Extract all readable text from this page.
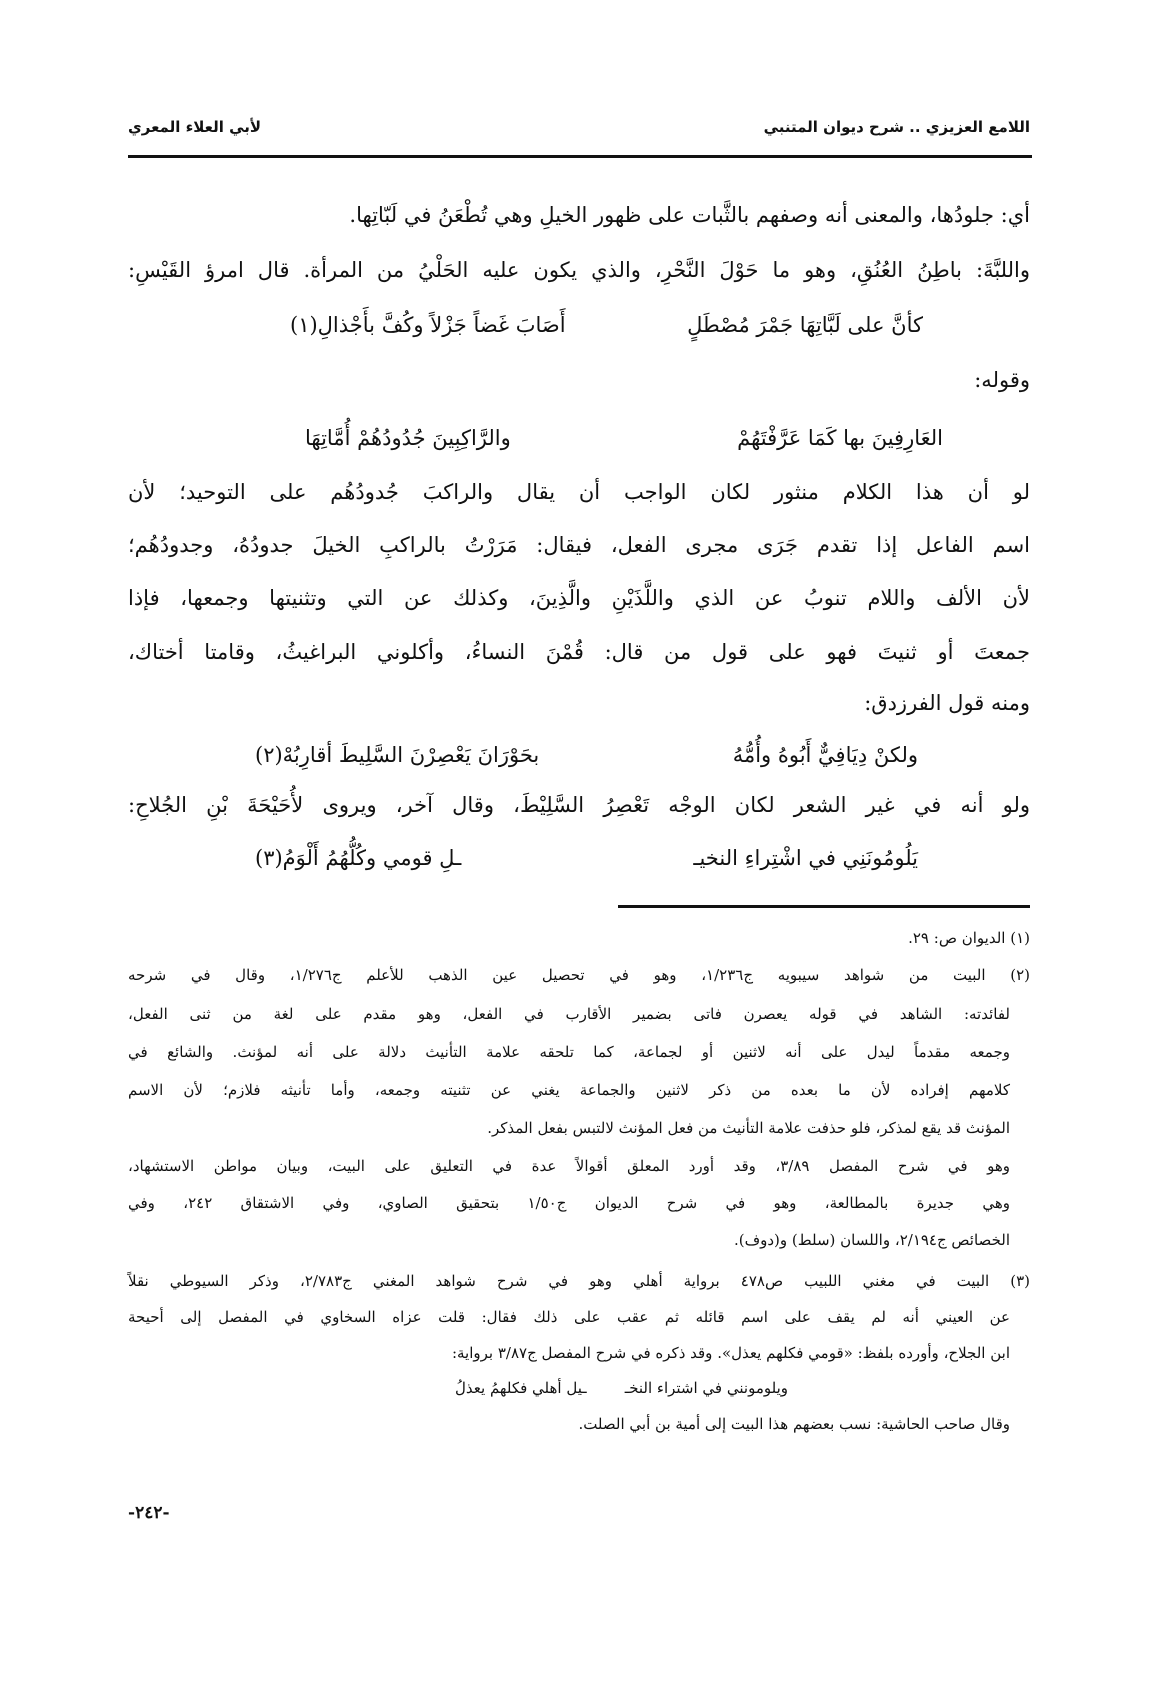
اللامع العزيزي .. شرح ديوان المتنبي
لأبي العلاء المعري
أي: جلودُها، والمعنى أنه وصفهم بالثَّبات على ظهور الخيلِ وهي تُطْعَنُ في لَبّاتِها.
واللبَّةَ: باطِنُ العُنُقِ، وهو ما حَوْلَ النَّحْرِ، والذي يكون عليه الحَلْيُ من المرأة. قال امرؤ القَيْسِ:
كأنَّ على لَبَّاتِهَا جَمْرَ مُصْطَلٍ
أَصَابَ غَضاً جَزْلاً وكُفَّ بأَجْذالِ(١)
وقوله:
العَارِفِينَ بها كَمَا عَرَّفْتَهُمْ
والرَّاكِبِينَ جُدُودُهُمْ أُمَّاتِهَا
لو أن هذا الكلام منثور لكان الواجب أن يقال والراكبَ جُدودُهُم على التوحيد؛ لأن
اسم الفاعل إذا تقدم جَرَى مجرى الفعل، فيقال: مَرَرْتُ بالراكبِ الخيلَ جدودُهُ، وجدودُهُم؛
لأن الألف واللام تنوبُ عن الذي واللَّذَيْنِ والَّذِينَ، وكذلك عن التي وتثنيتها وجمعها، فإذا
جمعتَ أو ثنيتَ فهو على قول من قال: قُمْنَ النساءُ، وأكلوني البراغيثُ، وقامتا أختاك،
ومنه قول الفرزدق:
ولكنْ دِيَافِيٌّ أَبُوهُ وأُمُّهُ
بحَوْرَانَ يَعْصِرْنَ السَّلِيطَ أقارِبُهْ(٢)
ولو أنه في غير الشعر لكان الوجْه تَعْصِرُ السَّلِيْطَ، وقال آخر، ويروى لأُحَيْحَةَ بْنِ الجُلاحِ:
يَلُومُونَنِي في اشْتِراءِ النخيـ
ـلِ قومي وكُلُّهُمُ أَلْوَمُ(٣)
(١) الديوان ص: ٢٩.
(٢) البيت من شواهد سيبويه ج١/٢٣٦، وهو في تحصيل عين الذهب للأعلم ج١/٢٧٦، وقال في شرحه
لفائدته: الشاهد في قوله يعصرن فاتى بضمير الأقارب في الفعل، وهو مقدم على لغة من ثنى الفعل،
وجمعه مقدماً ليدل على أنه لاثنين أو لجماعة، كما تلحقه علامة التأنيث دلالة على أنه لمؤنث. والشائع في
كلامهم إفراده لأن ما بعده من ذكر لاثنين والجماعة يغني عن تثنيته وجمعه، وأما تأنيثه فلازم؛ لأن الاسم
المؤنث قد يقع لمذكر، فلو حذفت علامة التأنيث من فعل المؤنث لالتبس بفعل المذكر.
وهو في شرح المفصل ٣/٨٩، وقد أورد المعلق أقوالاً عدة في التعليق على البيت، وبيان مواطن الاستشهاد،
وهي جديرة بالمطالعة، وهو في شرح الديوان ج١/٥٠ بتحقيق الصاوي، وفي الاشتقاق ٢٤٢، وفي
الخصائص ج٢/١٩٤، واللسان (سلط) و(دوف).
(٣) البيت في مغني اللبيب ص٤٧٨ برواية أهلي وهو في شرح شواهد المغني ج٢/٧٨٣، وذكر السيوطي نقلاً
عن العيني أنه لم يقف على اسم قائله ثم عقب على ذلك فقال: قلت عزاه السخاوي في المفصل إلى أحيحة
ابن الجلاح، وأورده بلفظ: «قومي فكلهم يعذل». وقد ذكره في شرح المفصل ج٣/٨٧ برواية:
ويلومونني في اشتراء النخـ
ـيل أهلي فكلهمُ يعذلُ
وقال صاحب الحاشية: نسب بعضهم هذا البيت إلى أمية بن أبي الصلت.
-٢٤٢-
